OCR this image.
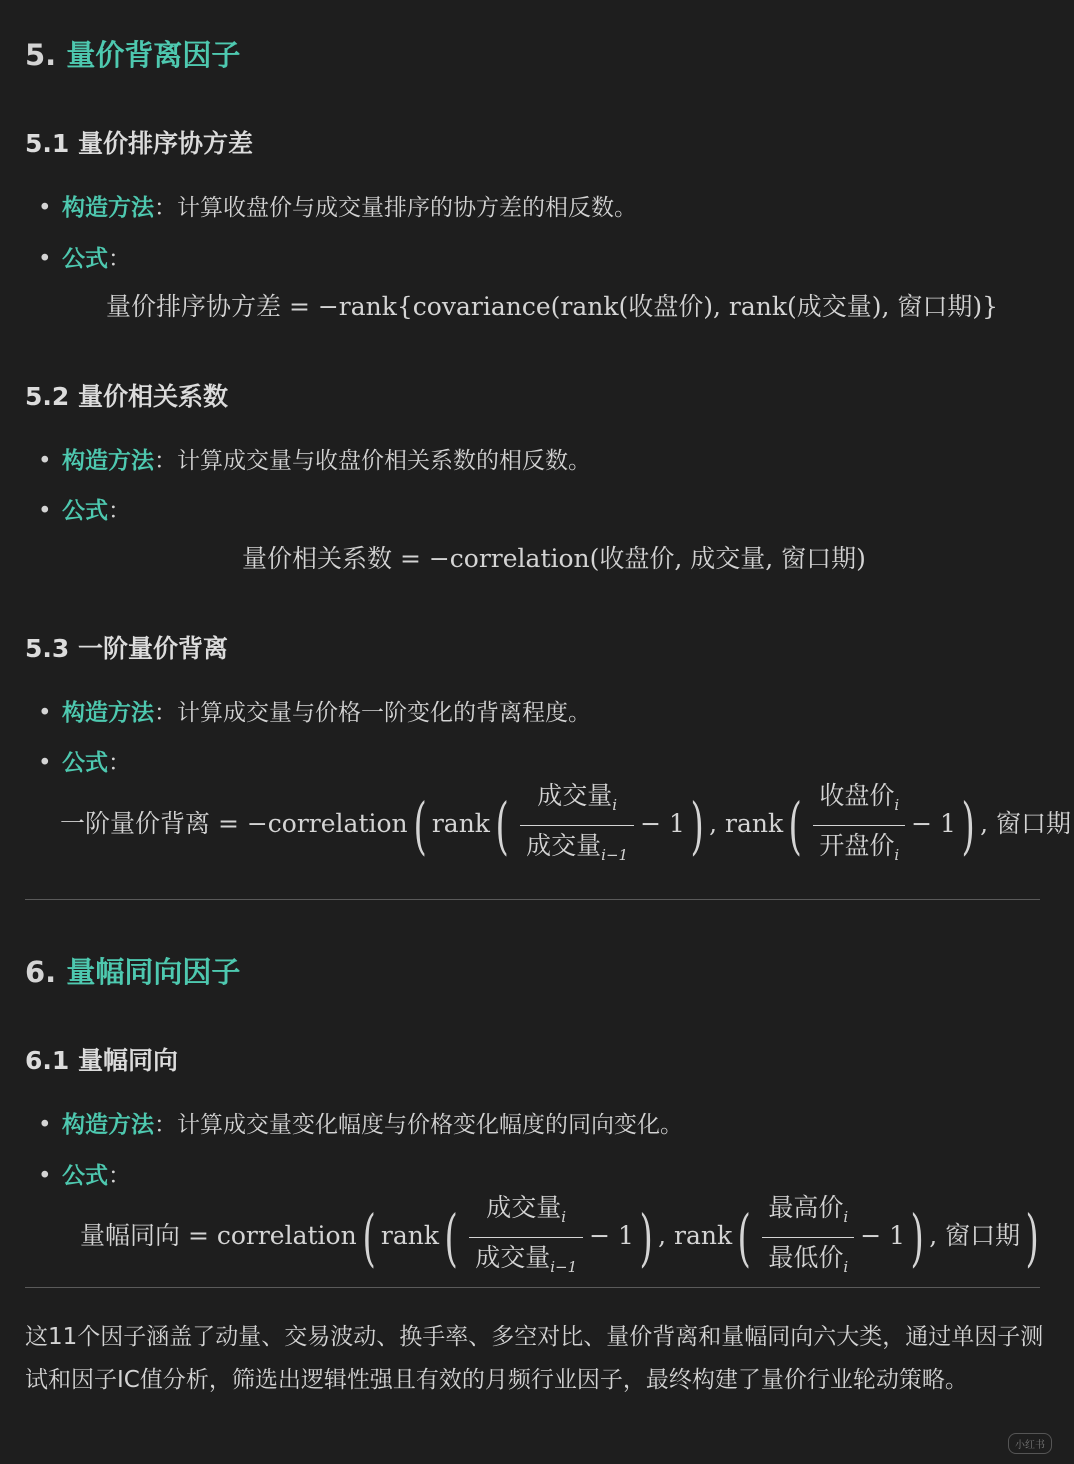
5. 量价背离因子
5.1 量价排序协方差
• 构造方法：计算收盘价与成交量排序的协方差的相反数。
• 公式：
量价排序协方差 = −rank{covariance(rank(收盘价), rank(成交量), 窗口期)}
5.2 量价相关系数
• 构造方法：计算成交量与收盘价相关系数的相反数。
• 公式：
量价相关系数 = −correlation(收盘价, 成交量, 窗口期)
5.3 一阶量价背离
• 构造方法：计算成交量与价格一阶变化的背离程度。
• 公式：
一阶量价背离 = −correlation( rank( $\frac{成交量_i}{成交量_{i-1}} - 1$) , rank( $\frac{收盘价_i}{开盘价_i} - 1$) , 窗口期
6. 量幅同向因子
6.1 量幅同向
• 构造方法：计算成交量变化幅度与价格变化幅度的同向变化。
• 公式：
量幅同向 = correlation( rank( $\frac{成交量_i}{成交量_{i-1}} - 1$) , rank( $\frac{最高价_i}{最低价_i} - 1$) , 窗口期)
这11个因子涵盖了动量、交易波动、换手率、多空对比、量价背离和量幅同向六大类，通过单因子测试和因子IC值分析，筛选出逻辑性强且有效的月频行业因子，最终构建了量价行业轮动策略。
小红书
